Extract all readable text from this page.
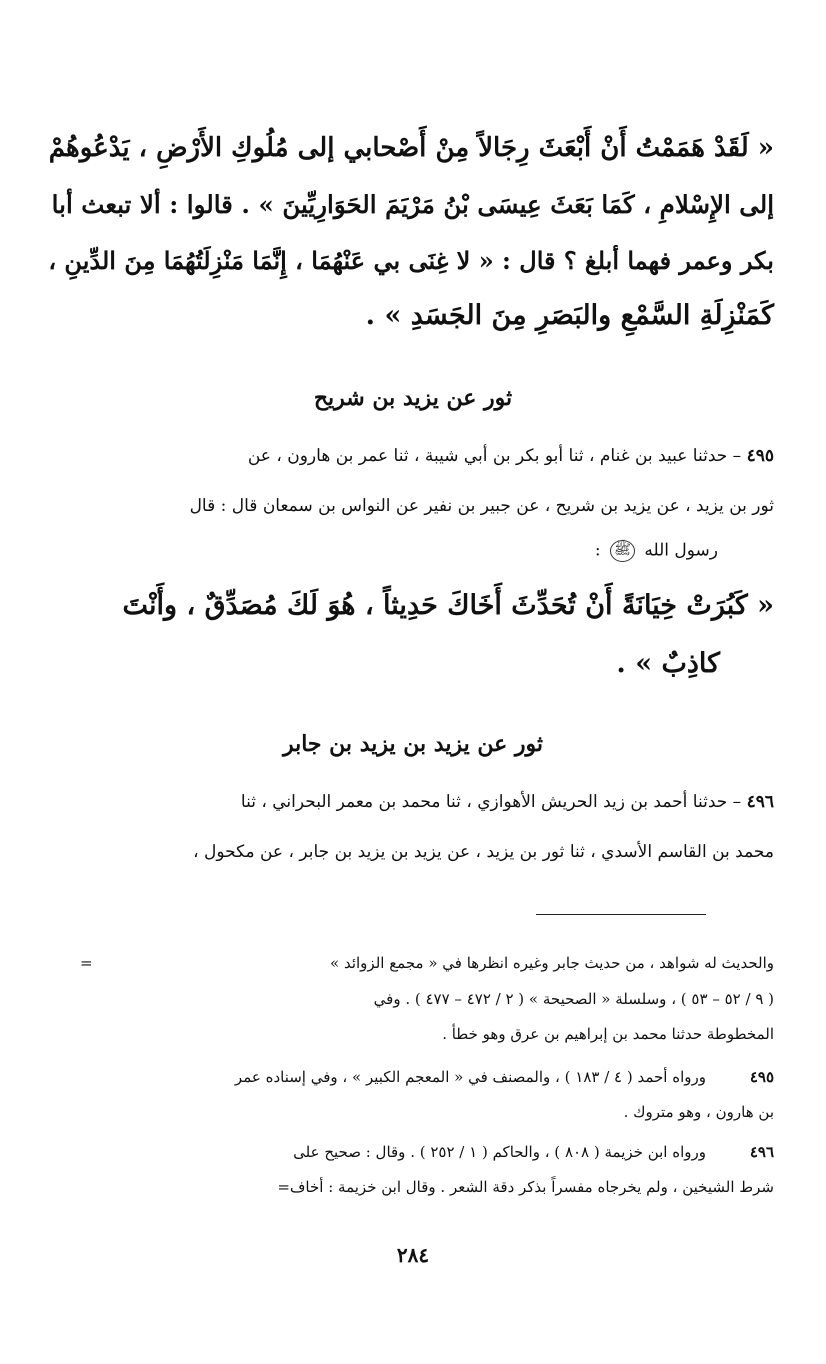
« لَقَدْ هَمَمْتُ أَنْ أَبْعَثَ رِجَالاً مِنْ أَصْحابي إلى مُلُوكِ الأَرْضِ ، يَدْعُوهُمْ
إلى الإِسْلامِ ، كَمَا بَعَثَ عِيسَى بْنُ مَرْيَمَ الحَوَارِيِّينَ » . قالوا : ألا تبعث أبا
بكر وعمر فهما أبلغ ؟ قال : « لا غِنَى بي عَنْهُمَا ، إِنَّمَا مَنْزِلَتُهُمَا مِنَ الدِّينِ ،
كَمَنْزِلَةِ السَّمْعِ والبَصَرِ مِنَ الجَسَدِ » .
ثور عن يزيد بن شريح
٤٩٥ – حدثنا عبيد بن غنام ، ثنا أبو بكر بن أبي شيبة ، ثنا عمر بن هارون ، عن
ثور بن يزيد ، عن يزيد بن شريح ، عن جبير بن نفير عن النواس بن سمعان قال : قال
رسول الله ﷺ :
« كَبُرَتْ خِيَانَةً أَنْ تُحَدِّثَ أَخَاكَ حَدِيثاً ، هُوَ لَكَ مُصَدِّقٌ ، وأَنْتَ
كاذِبٌ » .
ثور عن يزيد بن يزيد بن جابر
٤٩٦ – حدثنا أحمد بن زيد الحريش الأهوازي ، ثنا محمد بن معمر البحراني ، ثنا
محمد بن القاسم الأسدي ، ثنا ثور بن يزيد ، عن يزيد بن يزيد بن جابر ، عن مكحول ،
والحديث له شواهد ، من حديث جابر وغيره انظرها في « مجمع الزوائد »
=
( ٩ / ٥٢ – ٥٣ ) ، وسلسلة « الصحيحة » ( ٢ / ٤٧٢ – ٤٧٧ ) . وفي
المخطوطة حدثنا محمد بن إبراهيم بن عرق وهو خطأ .
٤٩٥
ورواه أحمد ( ٤ / ١٨٣ ) ، والمصنف في « المعجم الكبير » ، وفي إسناده عمر
بن هارون ، وهو متروك .
٤٩٦
ورواه ابن خزيمة ( ٨٠٨ ) ، والحاكم ( ١ / ٢٥٢ ) . وقال : صحيح على
شرط الشيخين ، ولم يخرجاه مفسراً بذكر دقة الشعر . وقال ابن خزيمة : أخاف=
٢٨٤
